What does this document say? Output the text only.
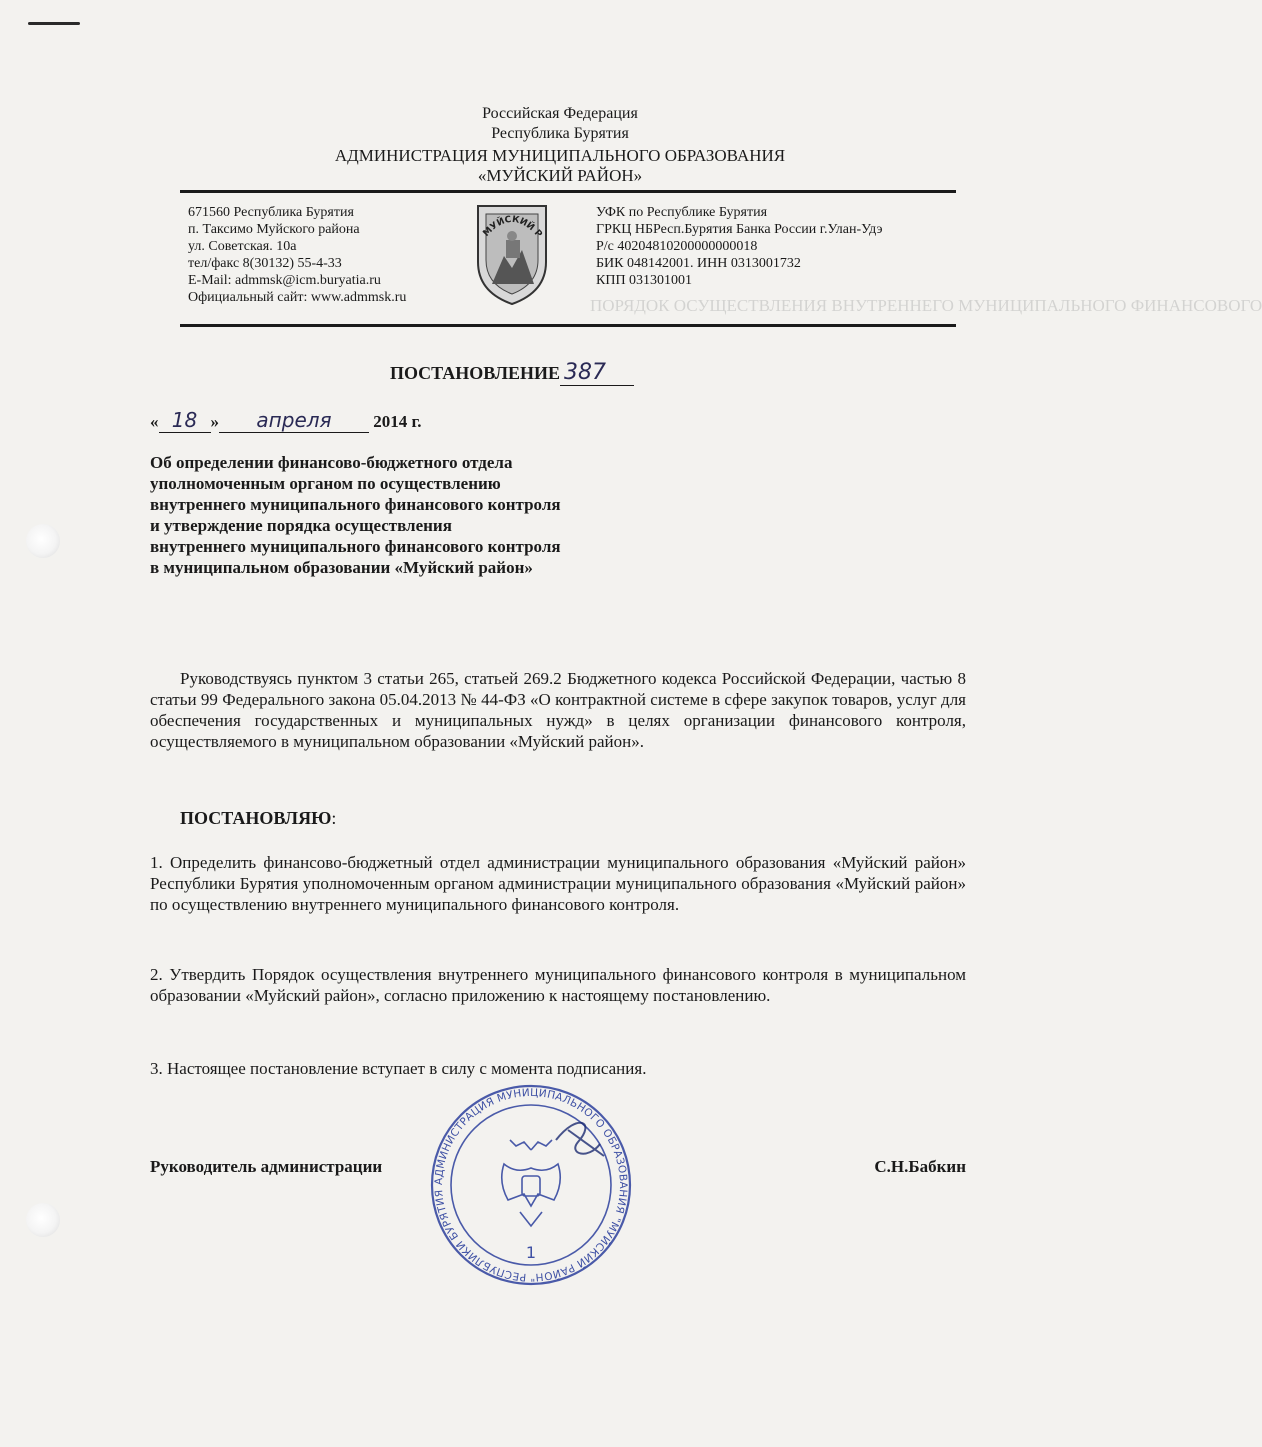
ПОРЯДОК ОСУЩЕСТВЛЕНИЯ ВНУТРЕННЕГО МУНИЦИПАЛЬНОГО ФИНАНСОВОГО
Российская Федерация
Республика Бурятия
АДМИНИСТРАЦИЯ МУНИЦИПАЛЬНОГО ОБРАЗОВАНИЯ
«МУЙСКИЙ РАЙОН»
671560 Республика Бурятия
п. Таксимо Муйского района
ул. Советская. 10а
тел/факс 8(30132) 55-4-33
E-Mail: admmsk@icm.buryatia.ru
Официальный сайт: www.admmsk.ru
МУЙСКИЙ Р
УФК по Республике Бурятия
ГРКЦ НБРесп.Бурятия Банка России г.Улан-Удэ
Р/с 40204810200000000018
БИК 048142001. ИНН 0313001732
КПП 031301001
ПОСТАНОВЛЕНИЕ 387
« 18 » апреля 2014 г.
Об определении финансово-бюджетного отдела
уполномоченным органом по осуществлению
внутреннего муниципального финансового контроля
и утверждение порядка осуществления
внутреннего муниципального финансового контроля
в муниципальном образовании «Муйский район»
Руководствуясь пунктом 3 статьи 265, статьей 269.2 Бюджетного кодекса Российской Федерации, частью 8 статьи 99 Федерального закона 05.04.2013 № 44-ФЗ «О контрактной системе в сфере закупок товаров, услуг для обеспечения государственных и муниципальных нужд» в целях организации финансового контроля, осуществляемого в муниципальном образовании «Муйский район».
ПОСТАНОВЛЯЮ:
1. Определить финансово-бюджетный отдел администрации муниципального образования «Муйский район» Республики Бурятия уполномоченным органом администрации муниципального образования «Муйский район» по осуществлению внутреннего муниципального финансового контроля.
2. Утвердить Порядок осуществления внутреннего муниципального финансового контроля в муниципальном образовании «Муйский район», согласно приложению к настоящему постановлению.
3. Настоящее постановление вступает в силу с момента подписания.
Руководитель администрации	С.Н.Бабкин
АДМИНИСТРАЦИЯ МУНИЦИПАЛЬНОГО ОБРАЗОВАНИЯ "МУЙСКИЙ РАЙОН" РЕСПУБЛИКИ БУРЯТИЯ
1
